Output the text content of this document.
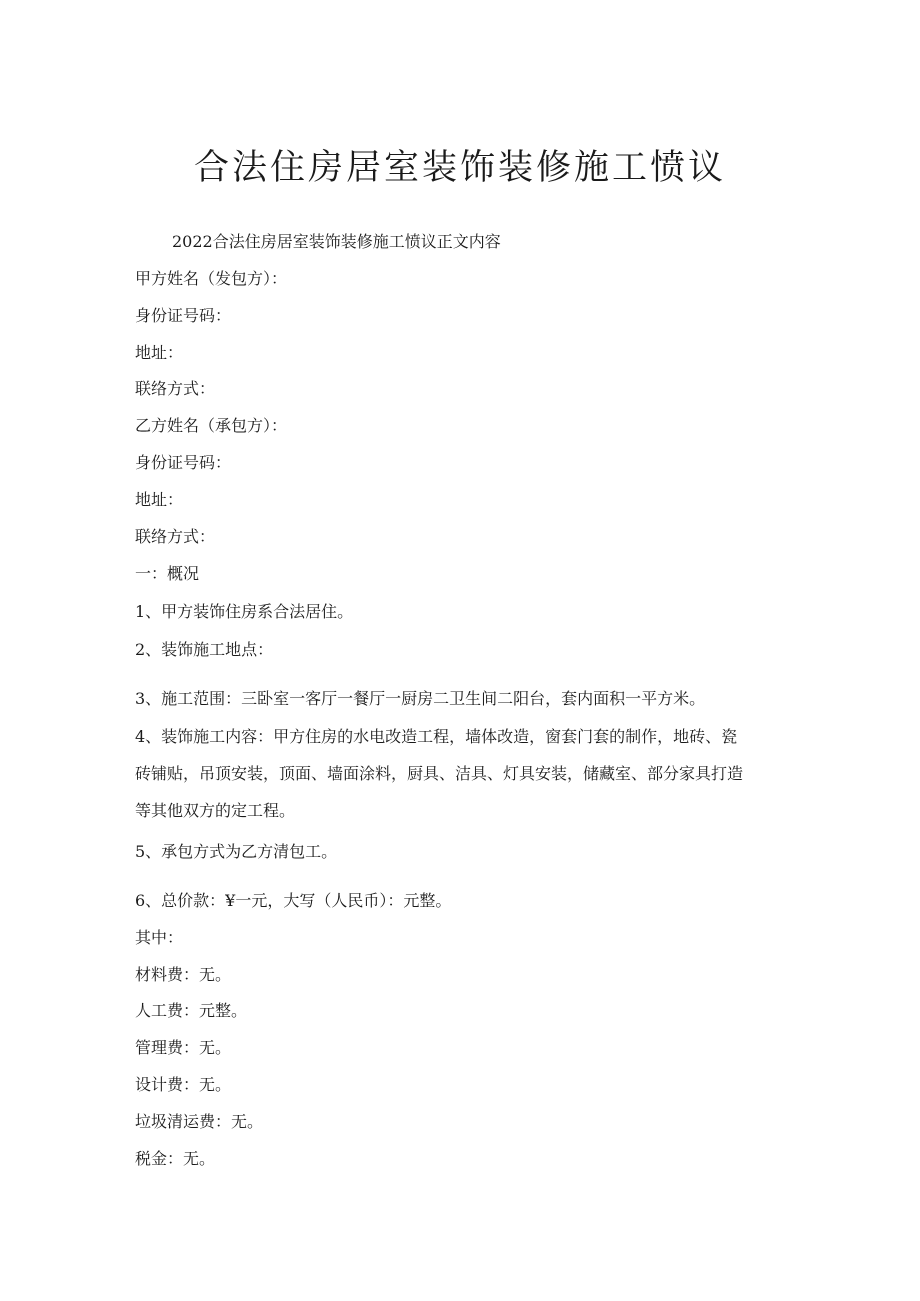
合法住房居室装饰装修施工愤议

2022合法住房居室装饰装修施工愤议正文内容

甲方姓名（发包方）：

身份证号码：

地址：

联络方式：

乙方姓名（承包方）：

身份证号码：

地址：

联络方式：

一：概况

1、甲方装饰住房系合法居住。

2、装饰施工地点：

3、施工范围：三卧室一客厅一餐厅一厨房二卫生间二阳台，套内面积一平方米。

4、装饰施工内容：甲方住房的水电改造工程，墙体改造，窗套门套的制作，地砖、瓷

砖铺贴，吊顶安装，顶面、墙面涂料，厨具、洁具、灯具安装，储藏室、部分家具打造

等其他双方的定工程。

5、承包方式为乙方清包工。

6、总价款：¥一元，大写（人民币）：元整。

其中：

材料费：无。

人工费：元整。

管理费：无。

设计费：无。

垃圾清运费：无。

税金：无。
